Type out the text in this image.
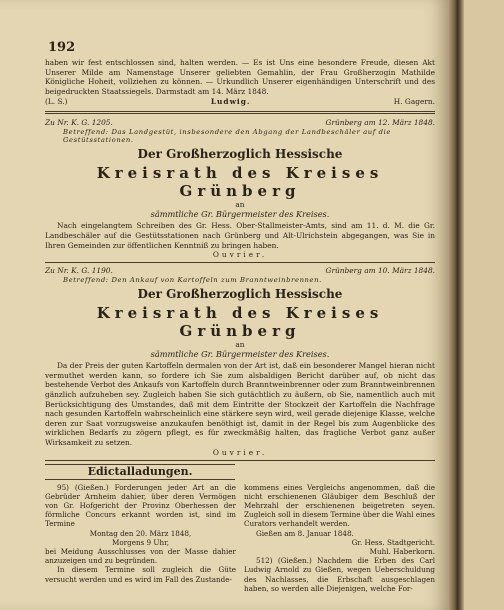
192

haben wir fest entschlossen sind, halten werden. — Es ist Uns eine besondere Freude, diesen Akt Unserer Milde am Namenstage Unserer geliebten Gemahlin, der Frau Großherzogin Mathilde Königliche Hoheit, vollziehen zu können. — Urkundlich Unserer eigenhändigen Unterschrift und des beigedruckten Staatssiegels. Darmstadt am 14. März 1848.

(L. S.)	Ludwig.	H. Gagern.
Zu Nr. K. G. 1205.	Grünberg am 12. März 1848.
Betreffend: Das Landgestüt, insbesondere den Abgang der Landbeschäler auf die Gestütsstationen.
Der Großherzoglich Hessische
Kreisrath des Kreises Grünberg
an
sämmtliche Gr. Bürgermeister des Kreises.

Nach eingelangtem Schreiben des Gr. Hess. Ober-Stallmeister-Amts, sind am 11. d. M. die Gr. Landbeschäler auf die Gestütsstationen nach Grünberg und Alt-Ulrichstein abgegangen, was Sie in Ihren Gemeinden zur öffentlichen Kenntniß zu bringen haben.

Ouvrier.
Zu Nr. K. G. 1190.	Grünberg am 10. März 1848.
Betreffend: Den Ankauf von Kartoffeln zum Branntweinbrennen.
Der Großherzoglich Hessische
Kreisrath des Kreises Grünberg
an
sämmtliche Gr. Bürgermeister des Kreises.

Da der Preis der guten Kartoffeln dermalen von der Art ist, daß ein besonderer Mangel hieran nicht vermuthet werden kann, so fordere ich Sie zum alsbaldigen Bericht darüber auf, ob nicht das bestehende Verbot des Ankaufs von Kartoffeln durch Branntweinbrenner oder zum Branntweinbrennen gänzlich aufzuheben sey. Zugleich haben Sie sich gutächtlich zu äußern, ob Sie, namentlich auch mit Berücksichtigung des Umstandes, daß mit dem Eintritte der Stockzeit der Kartoffeln die Nachfrage nach gesunden Kartoffeln wahrscheinlich eine stärkere seyn wird, weil gerade diejenige Klasse, welche deren zur Saat vorzugsweise anzukaufen benöthigt ist, damit in der Regel bis zum Augenblicke des wirklichen Bedarfs zu zögern pflegt, es für zweckmäßig halten, das fragliche Verbot ganz außer Wirksamkeit zu setzen.

Ouvrier.
Edictalladungen.

95) (Gießen.) Forderungen jeder Art an die Gebrüder Arnheim dahier, über deren Vermögen von Gr. Hofgericht der Provinz Oberhessen der förmliche Concurs erkannt worden ist, sind im Termine

Montag den 20. März 1848,

Morgens 9 Uhr,

bei Meidung Ausschlusses von der Masse dahier anzuzeigen und zu begründen.

In diesem Termine soll zugleich die Güte versucht werden und es wird im Fall des Zustande-

kommens eines Vergleichs angenommen, daß die nicht erschienenen Gläubiger dem Beschluß der Mehrzahl der erschienenen beigetreten seyen. Zugleich soll in diesem Termine über die Wahl eines Curators verhandelt werden.

Gießen am 8. Januar 1848.

Gr. Hess. Stadtgericht.

Muhl. Haberkorn.

512) (Gießen.) Nachdem die Erben des Carl Ludwig Arnold zu Gießen, wegen Ueberschuldung des Nachlasses, die Erbschaft ausgeschlagen haben, so werden alle Diejenigen, welche For-
